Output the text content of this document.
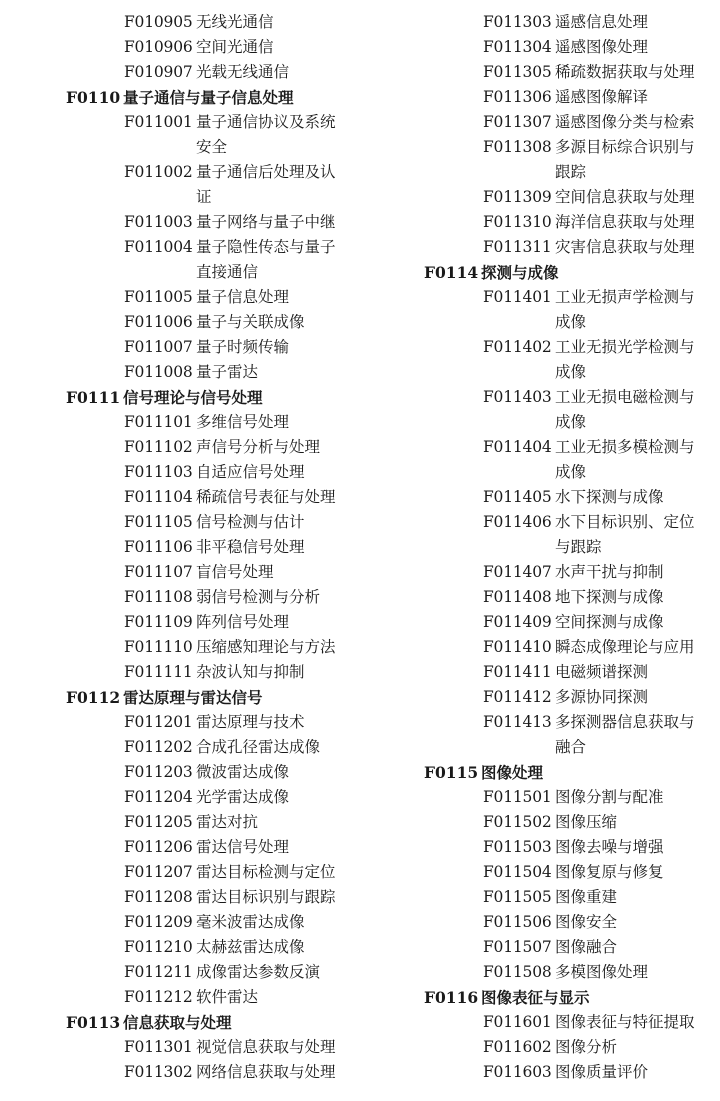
F010905 无线光通信
F010906 空间光通信
F010907 光载无线通信
F0110 量子通信与量子信息处理
F011001 量子通信协议及系统安全
F011002 量子通信后处理及认证
F011003 量子网络与量子中继
F011004 量子隐性传态与量子直接通信
F011005 量子信息处理
F011006 量子与关联成像
F011007 量子时频传输
F011008 量子雷达
F0111 信号理论与信号处理
F011101 多维信号处理
F011102 声信号分析与处理
F011103 自适应信号处理
F011104 稀疏信号表征与处理
F011105 信号检测与估计
F011106 非平稳信号处理
F011107 盲信号处理
F011108 弱信号检测与分析
F011109 阵列信号处理
F011110 压缩感知理论与方法
F011111 杂波认知与抑制
F0112 雷达原理与雷达信号
F011201 雷达原理与技术
F011202 合成孔径雷达成像
F011203 微波雷达成像
F011204 光学雷达成像
F011205 雷达对抗
F011206 雷达信号处理
F011207 雷达目标检测与定位
F011208 雷达目标识别与跟踪
F011209 毫米波雷达成像
F011210 太赫兹雷达成像
F011211 成像雷达参数反演
F011212 软件雷达
F0113 信息获取与处理
F011301 视觉信息获取与处理
F011302 网络信息获取与处理
F011303 遥感信息处理
F011304 遥感图像处理
F011305 稀疏数据获取与处理
F011306 遥感图像解译
F011307 遥感图像分类与检索
F011308 多源目标综合识别与跟踪
F011309 空间信息获取与处理
F011310 海洋信息获取与处理
F011311 灾害信息获取与处理
F0114 探测与成像
F011401 工业无损声学检测与成像
F011402 工业无损光学检测与成像
F011403 工业无损电磁检测与成像
F011404 工业无损多模检测与成像
F011405 水下探测与成像
F011406 水下目标识别、定位与跟踪
F011407 水声干扰与抑制
F011408 地下探测与成像
F011409 空间探测与成像
F011410 瞬态成像理论与应用
F011411 电磁频谱探测
F011412 多源协同探测
F011413 多探测器信息获取与融合
F0115 图像处理
F011501 图像分割与配准
F011502 图像压缩
F011503 图像去噪与增强
F011504 图像复原与修复
F011505 图像重建
F011506 图像安全
F011507 图像融合
F011508 多模图像处理
F0116 图像表征与显示
F011601 图像表征与特征提取
F011602 图像分析
F011603 图像质量评价
